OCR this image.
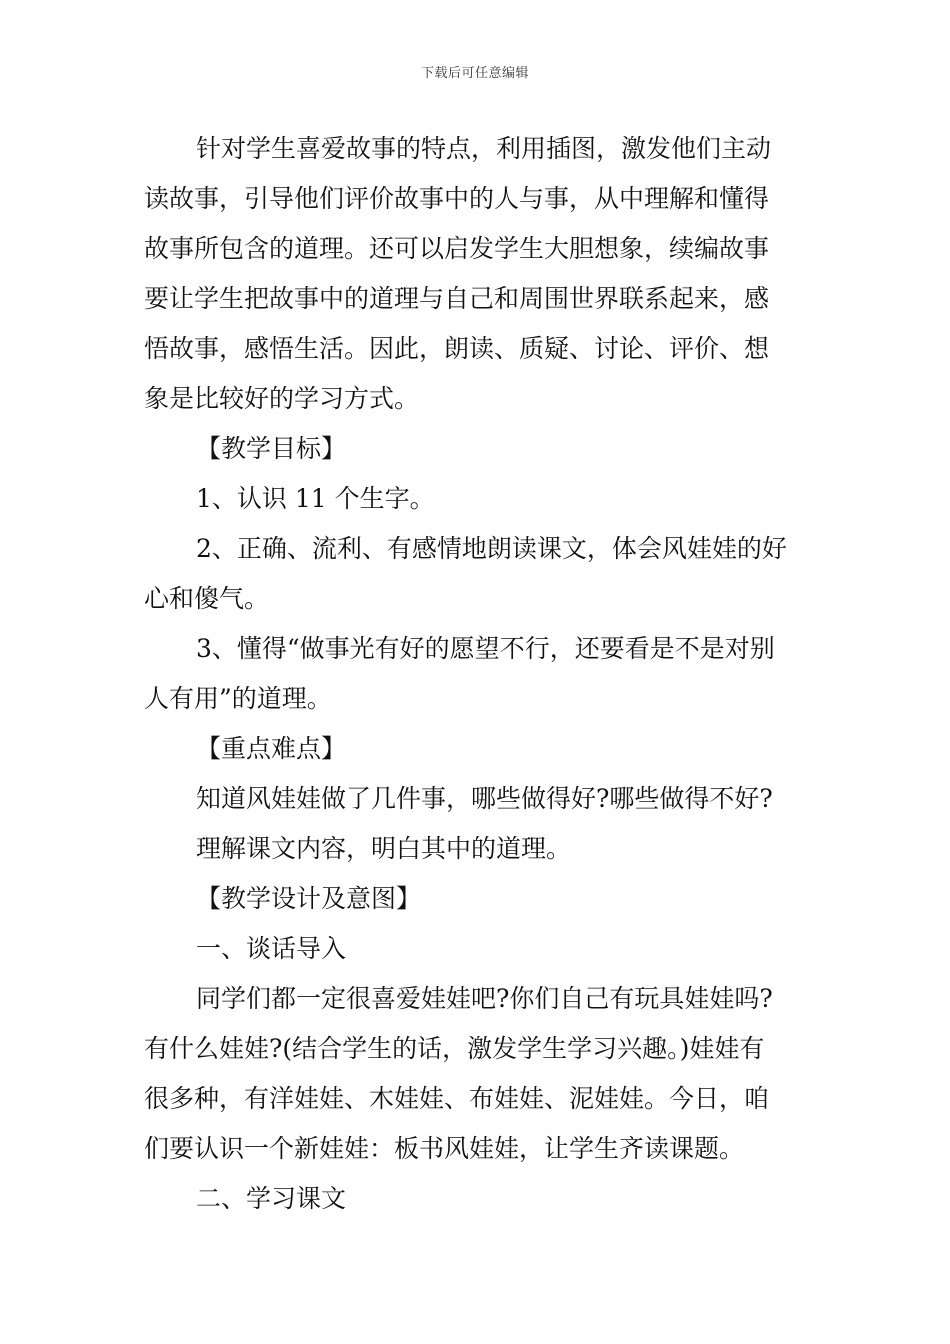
下载后可任意编辑
针对学生喜爱故事的特点，利用插图，激发他们主动
读故事，引导他们评价故事中的人与事，从中理解和懂得
故事所包含的道理。还可以启发学生大胆想象，续编故事
要让学生把故事中的道理与自己和周围世界联系起来，感
悟故事，感悟生活。因此，朗读、质疑、讨论、评价、想
象是比较好的学习方式。
【教学目标】
1、认识 11 个生字。
2、正确、流利、有感情地朗读课文，体会风娃娃的好
心和傻气。
3、懂得“做事光有好的愿望不行，还要看是不是对别
人有用”的道理。
【重点难点】
知道风娃娃做了几件事，哪些做得好?哪些做得不好?
理解课文内容，明白其中的道理。
【教学设计及意图】
一、谈话导入
同学们都一定很喜爱娃娃吧?你们自己有玩具娃娃吗?
有什么娃娃?(结合学生的话，激发学生学习兴趣。)娃娃有
很多种，有洋娃娃、木娃娃、布娃娃、泥娃娃。今日，咱
们要认识一个新娃娃：板书风娃娃，让学生齐读课题。
二、学习课文
